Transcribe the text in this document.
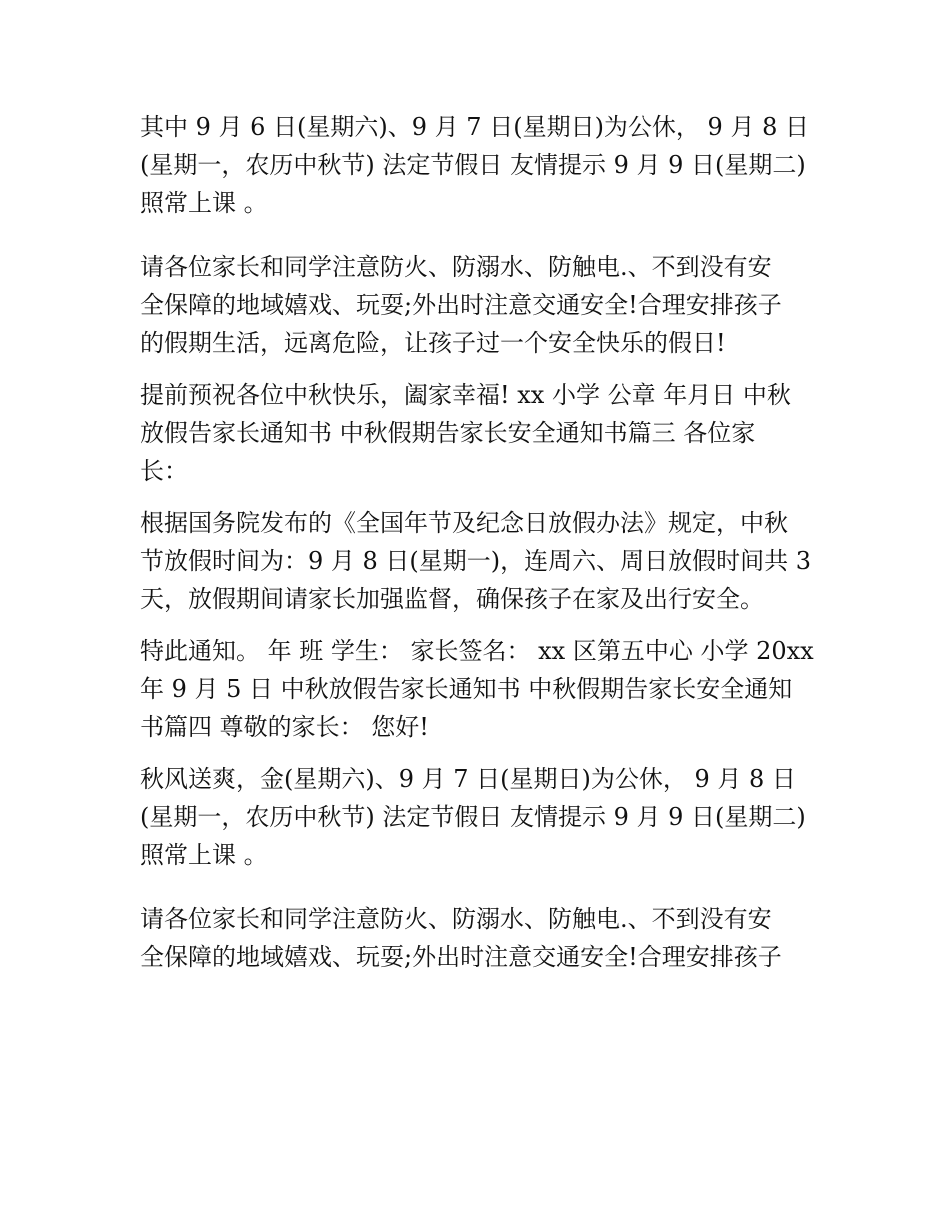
其中 9 月 6 日(星期六)、9 月 7 日(星期日)为公休， 9 月 8 日
(星期一，农历中秋节) 法定节假日 友情提示 9 月 9 日(星期二)
照常上课 。
请各位家长和同学注意防火、防溺水、防触电.、不到没有安
全保障的地域嬉戏、玩耍;外出时注意交通安全!合理安排孩子
的假期生活，远离危险，让孩子过一个安全快乐的假日!
提前预祝各位中秋快乐，阖家幸福! xx 小学 公章 年月日 中秋
放假告家长通知书 中秋假期告家长安全通知书篇三 各位家
长：
根据国务院发布的《全国年节及纪念日放假办法》规定，中秋
节放假时间为：9 月 8 日(星期一)，连周六、周日放假时间共 3
天，放假期间请家长加强监督，确保孩子在家及出行安全。
特此通知。 年 班 学生： 家长签名： xx 区第五中心 小学 20xx
年 9 月 5 日 中秋放假告家长通知书 中秋假期告家长安全通知
书篇四 尊敬的家长： 您好!
秋风送爽，金(星期六)、9 月 7 日(星期日)为公休， 9 月 8 日
(星期一，农历中秋节) 法定节假日 友情提示 9 月 9 日(星期二)
照常上课 。
请各位家长和同学注意防火、防溺水、防触电.、不到没有安
全保障的地域嬉戏、玩耍;外出时注意交通安全!合理安排孩子
